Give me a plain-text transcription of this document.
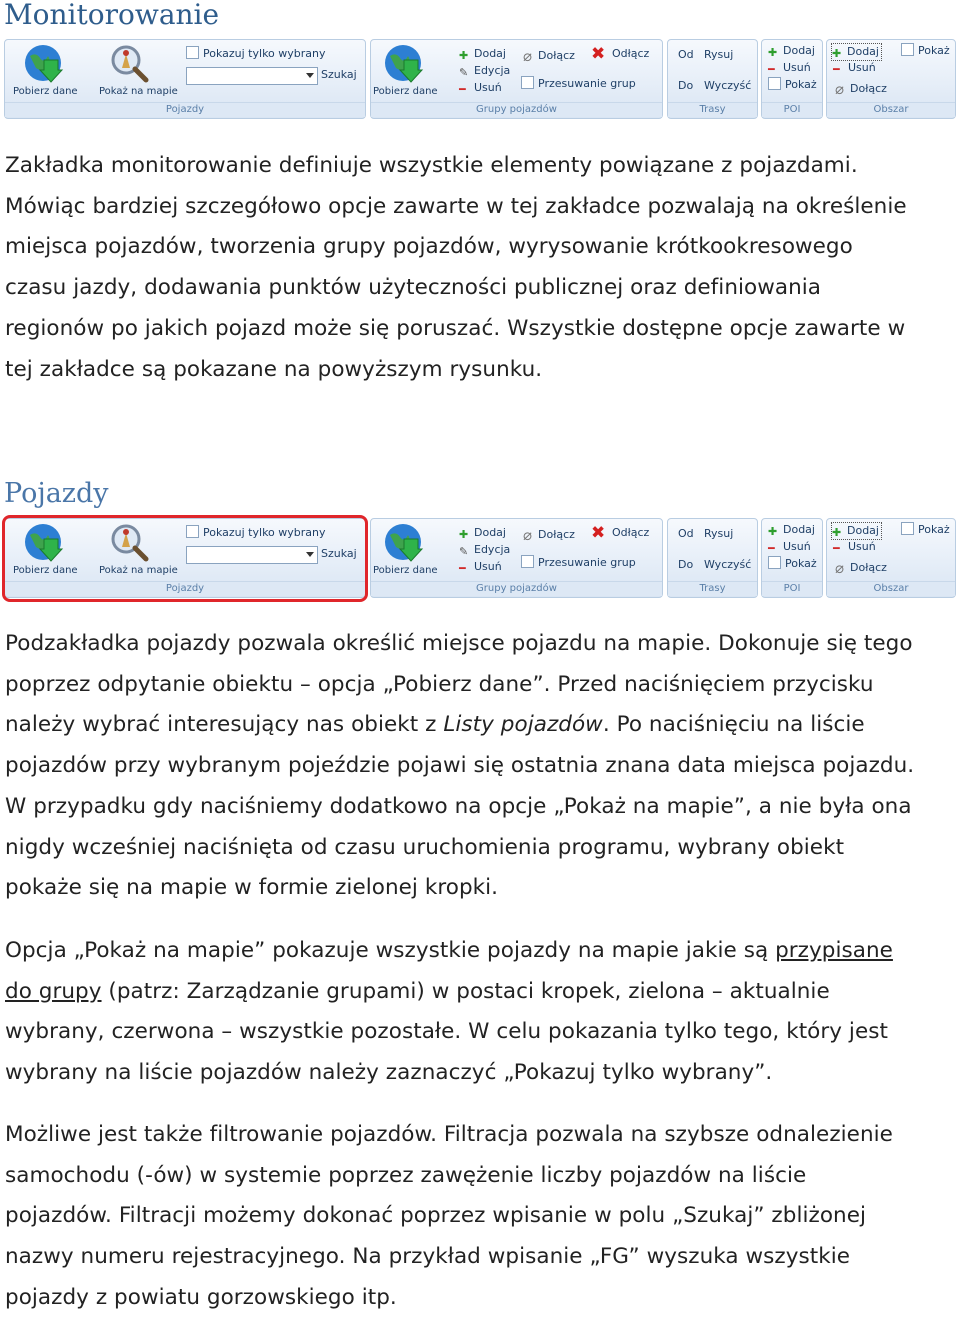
Monitorowanie
Pobierz dane Pokaż na mapie
Pokazuj tylko wybrany
Szukaj
Pojazdy
Pobierz dane
✚ Dodaj
✎ Edycja
━ Usuń
⌀ Dołącz ✖ Odłącz
Przesuwanie grup
Grupy pojazdów
Od Rysuj
Do Wyczyść
Trasy
✚ Dodaj
━ Usuń
Pokaż
POI
✚ Dodaj
━ Usuń
⌀ Dołącz
Pokaż
Obszar
Zakładka monitorowanie definiuje wszystkie elementy powiązane z pojazdami.
Mówiąc bardziej szczegółowo opcje zawarte w tej zakładce pozwalają na określenie
miejsca pojazdów, tworzenia grupy pojazdów, wyrysowanie krótkookresowego
czasu jazdy, dodawania punktów użyteczności publicznej oraz definiowania
regionów po jakich pojazd może się poruszać. Wszystkie dostępne opcje zawarte w
tej zakładce są pokazane na powyższym rysunku.
Pojazdy
Pobierz dane Pokaż na mapie
Pokazuj tylko wybrany
Szukaj
Pojazdy
Pobierz dane
✚ Dodaj
✎ Edycja
━ Usuń
⌀ Dołącz ✖ Odłącz
Przesuwanie grup
Grupy pojazdów
Od Rysuj
Do Wyczyść
Trasy
✚ Dodaj
━ Usuń
Pokaż
POI
✚ Dodaj
━ Usuń
⌀ Dołącz
Pokaż
Obszar
Podzakładka pojazdy pozwala określić miejsce pojazdu na mapie. Dokonuje się tego
poprzez odpytanie obiektu – opcja „Pobierz dane”. Przed naciśnięciem przycisku
należy wybrać interesujący nas obiekt z Listy pojazdów. Po naciśnięciu na liście
pojazdów przy wybranym pojeździe pojawi się ostatnia znana data miejsca pojazdu.
W przypadku gdy naciśniemy dodatkowo na opcje „Pokaż na mapie”, a nie była ona
nigdy wcześniej naciśnięta od czasu uruchomienia programu, wybrany obiekt
pokaże się na mapie w formie zielonej kropki.
Opcja „Pokaż na mapie” pokazuje wszystkie pojazdy na mapie jakie są przypisane
do grupy (patrz: Zarządzanie grupami) w postaci kropek, zielona – aktualnie
wybrany, czerwona – wszystkie pozostałe. W celu pokazania tylko tego, który jest
wybrany na liście pojazdów należy zaznaczyć „Pokazuj tylko wybrany”.
Możliwe jest także filtrowanie pojazdów. Filtracja pozwala na szybsze odnalezienie
samochodu (-ów) w systemie poprzez zawężenie liczby pojazdów na liście
pojazdów. Filtracji możemy dokonać poprzez wpisanie w polu „Szukaj” zbliżonej
nazwy numeru rejestracyjnego. Na przykład wpisanie „FG” wyszuka wszystkie
pojazdy z powiatu gorzowskiego itp.
